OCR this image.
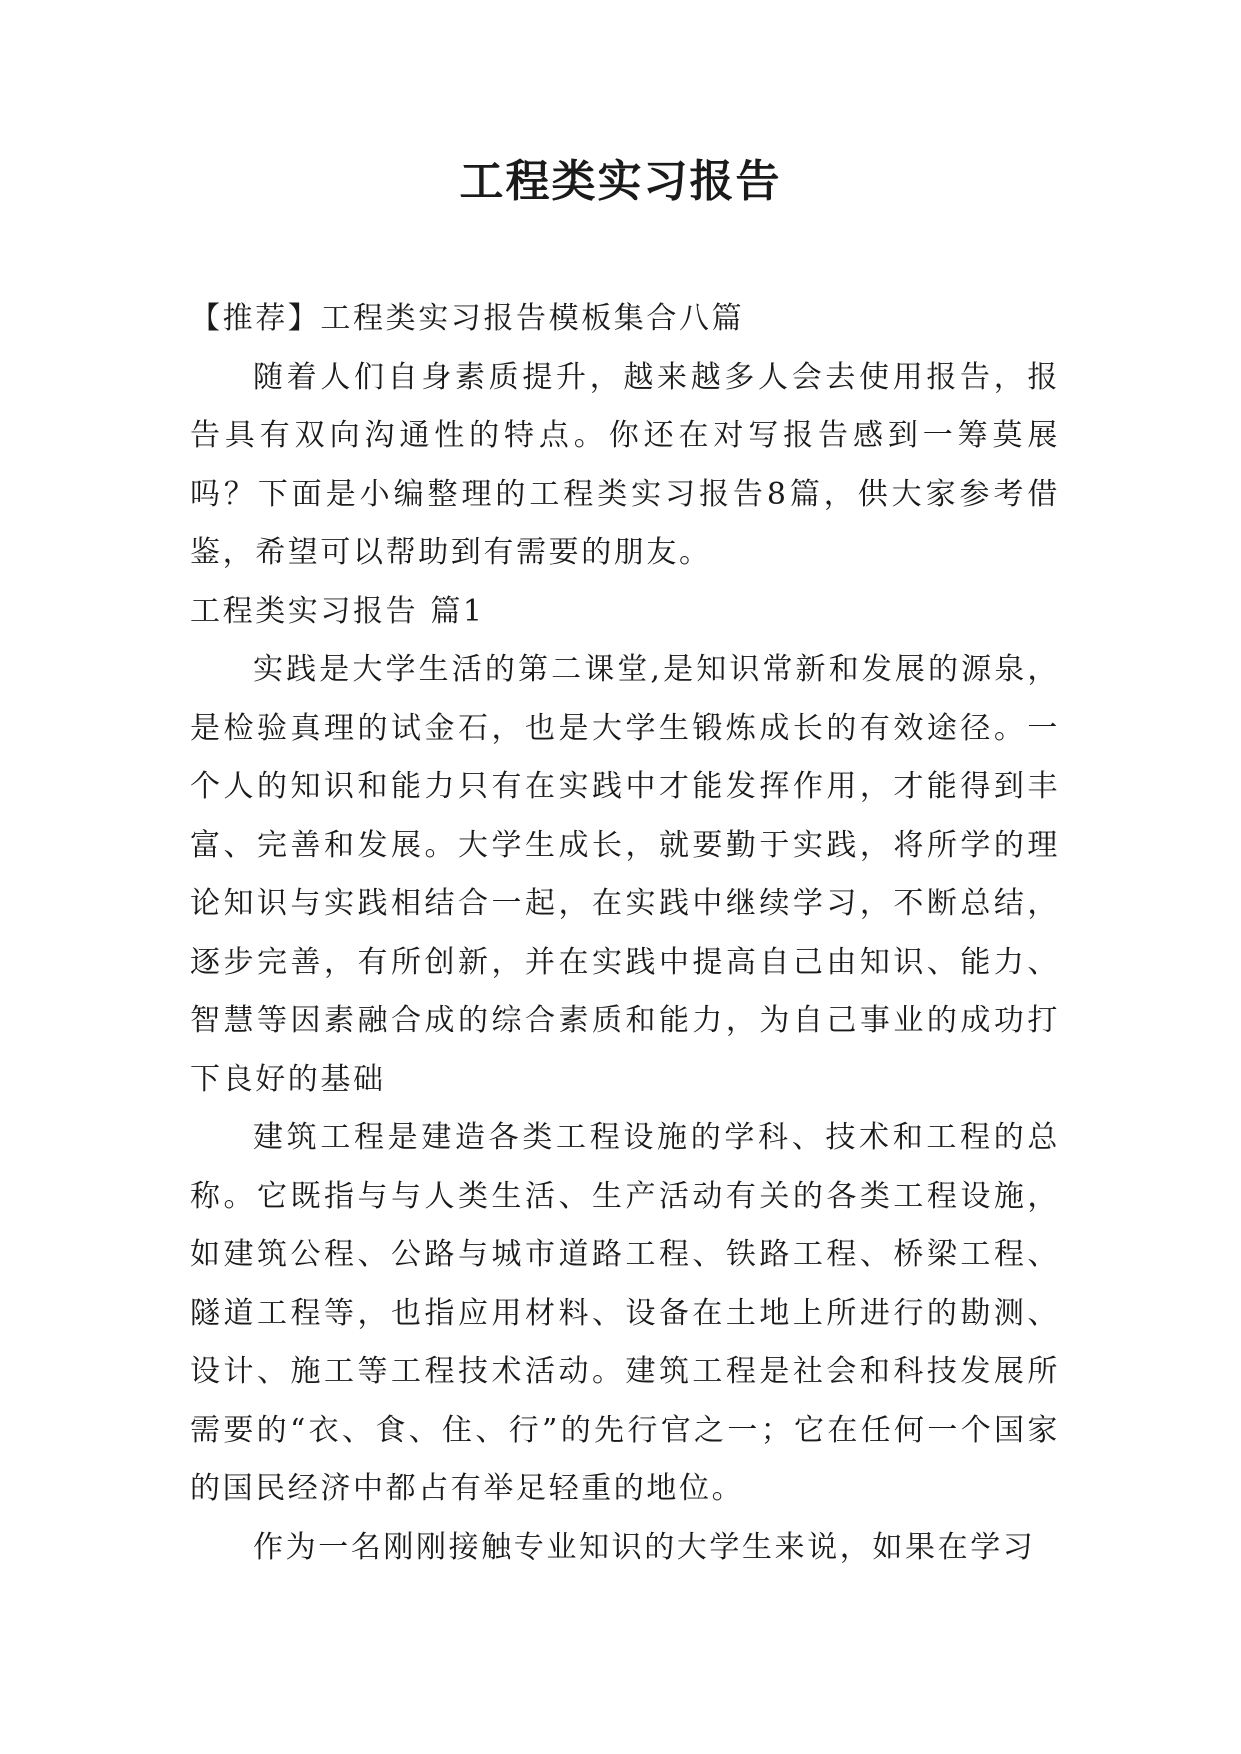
工程类实习报告

【推荐】工程类实习报告模板集合八篇

随着人们自身素质提升，越来越多人会去使用报告，报告具有双向沟通性的特点。你还在对写报告感到一筹莫展吗？下面是小编整理的工程类实习报告8篇，供大家参考借鉴，希望可以帮助到有需要的朋友。

工程类实习报告 篇1

实践是大学生活的第二课堂,是知识常新和发展的源泉，是检验真理的试金石，也是大学生锻炼成长的有效途径。一个人的知识和能力只有在实践中才能发挥作用，才能得到丰富、完善和发展。大学生成长，就要勤于实践，将所学的理论知识与实践相结合一起，在实践中继续学习，不断总结，逐步完善，有所创新，并在实践中提高自己由知识、能力、智慧等因素融合成的综合素质和能力，为自己事业的成功打下良好的基础

建筑工程是建造各类工程设施的学科、技术和工程的总称。它既指与与人类生活、生产活动有关的各类工程设施，如建筑公程、公路与城市道路工程、铁路工程、桥梁工程、隧道工程等，也指应用材料、设备在土地上所进行的勘测、设计、施工等工程技术活动。建筑工程是社会和科技发展所需要的“衣、食、住、行”的先行官之一；它在任何一个国家的国民经济中都占有举足轻重的地位。

作为一名刚刚接触专业知识的大学生来说，如果在学习
